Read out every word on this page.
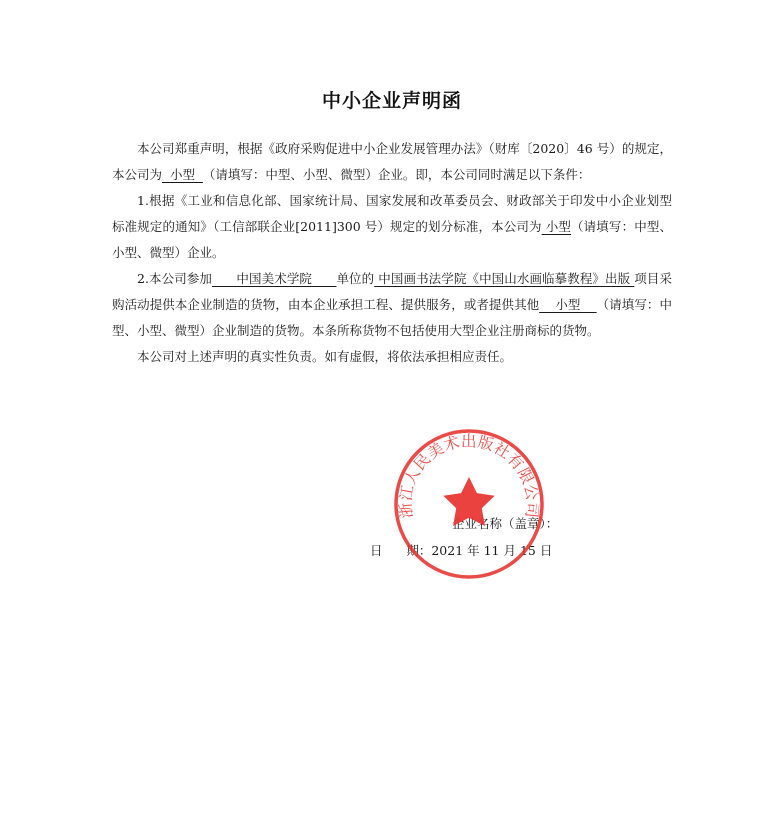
中小企业声明函

本公司郑重声明，根据《政府采购促进中小企业发展管理办法》（财库〔2020〕46 号）的规定，本公司为  小型  （请填写：中型、小型、微型）企业。即，本公司同时满足以下条件：

1.根据《工业和信息化部、国家统计局、国家发展和改革委员会、财政部关于印发中小企业划型标准规定的通知》（工信部联企业[2011]300 号）规定的划分标准，本公司为 小型（请填写：中型、小型、微型）企业。

2.本公司参加      中国美术学院      单位的 中国画书法学院《中国山水画临摹教程》出版 项目采购活动提供本企业制造的货物，由本企业承担工程、提供服务，或者提供其他    小型    （请填写：中型、小型、微型）企业制造的货物。本条所称货物不包括使用大型企业注册商标的货物。

本公司对上述声明的真实性负责。如有虚假，将依法承担相应责任。

企业名称（盖章）：
日      期：2021 年 11 月 15 日
浙江人民美术出版社有限公司
